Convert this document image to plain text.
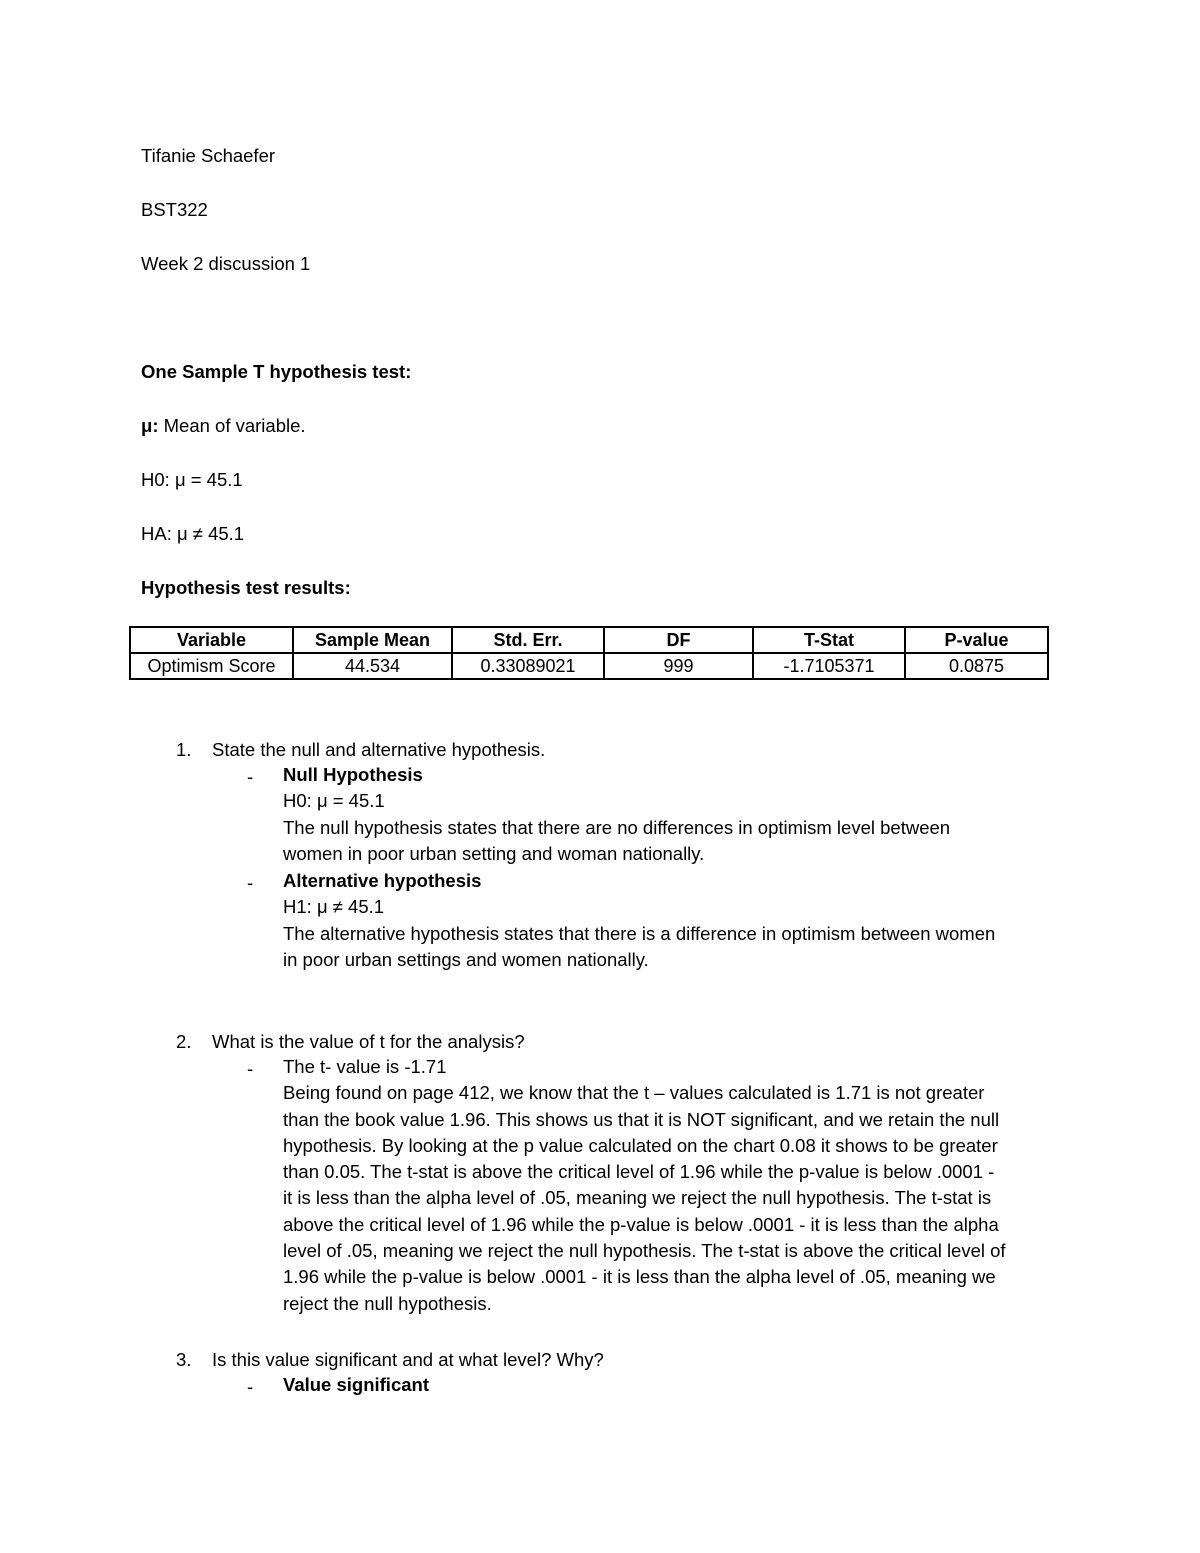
Tifanie Schaefer
BST322
Week 2 discussion 1
One Sample T hypothesis test:
μ: Mean of variable.
H0: μ = 45.1
HA: μ ≠ 45.1
Hypothesis test results:
Variable	Sample Mean	Std. Err.	DF	T-Stat	P-value
Optimism Score	44.534	0.33089021	999	-1.7105371	0.0875
1. State the null and alternative hypothesis.
- Null Hypothesis
H0: μ = 45.1
The null hypothesis states that there are no differences in optimism level between
women in poor urban setting and woman nationally.
- Alternative hypothesis
H1: μ ≠ 45.1
The alternative hypothesis states that there is a difference in optimism between women
in poor urban settings and women nationally.
2. What is the value of t for the analysis?
- The t- value is -1.71
Being found on page 412, we know that the t – values calculated is 1.71 is not greater
than the book value 1.96. This shows us that it is NOT significant, and we retain the null
hypothesis. By looking at the p value calculated on the chart 0.08 it shows to be greater
than 0.05. The t-stat is above the critical level of 1.96 while the p-value is below .0001 -
it is less than the alpha level of .05, meaning we reject the null hypothesis. The t-stat is
above the critical level of 1.96 while the p-value is below .0001 - it is less than the alpha
level of .05, meaning we reject the null hypothesis. The t-stat is above the critical level of
1.96 while the p-value is below .0001 - it is less than the alpha level of .05, meaning we
reject the null hypothesis.
3. Is this value significant and at what level? Why?
- Value significant
